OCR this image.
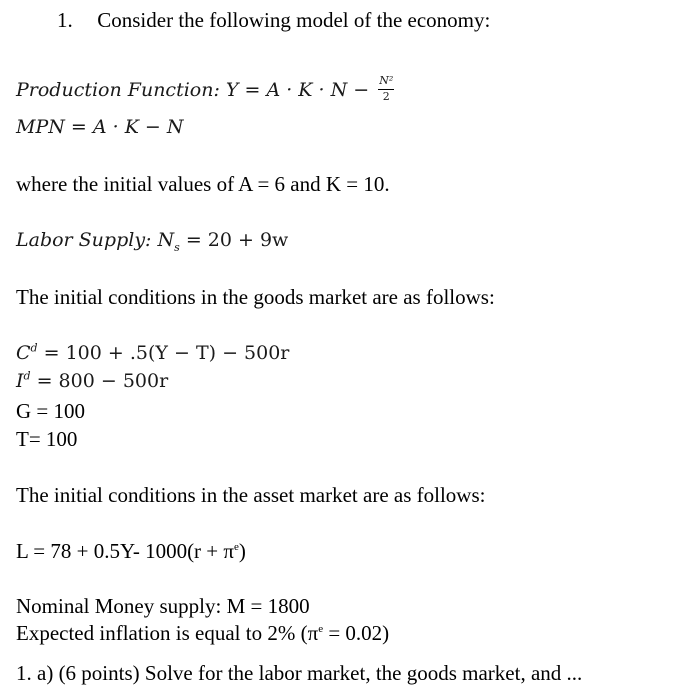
1. Consider the following model of the economy:
Production Function: $Y = A \cdot K \cdot N - \frac{\text{N²}}{2}$
MPN = A · K − N
where the initial values of A = 6 and K = 10.
Labor Supply: $N_s = 20 + 9w$
The initial conditions in the goods market are as follows:
$C^d = 100 + .5(Y - T) - 500r$
$I^d = 800 - 500r$
G = 100
T= 100
The initial conditions in the asset market are as follows:
L = 78 + 0.5Y- $1000(r + \pi^e)$
Nominal Money supply: M = 1800
Expected inflation is equal to 2% $(\pi^e = 0.02)$
1. a) (6 points) Solve for the labor market, the goods market, and ...
